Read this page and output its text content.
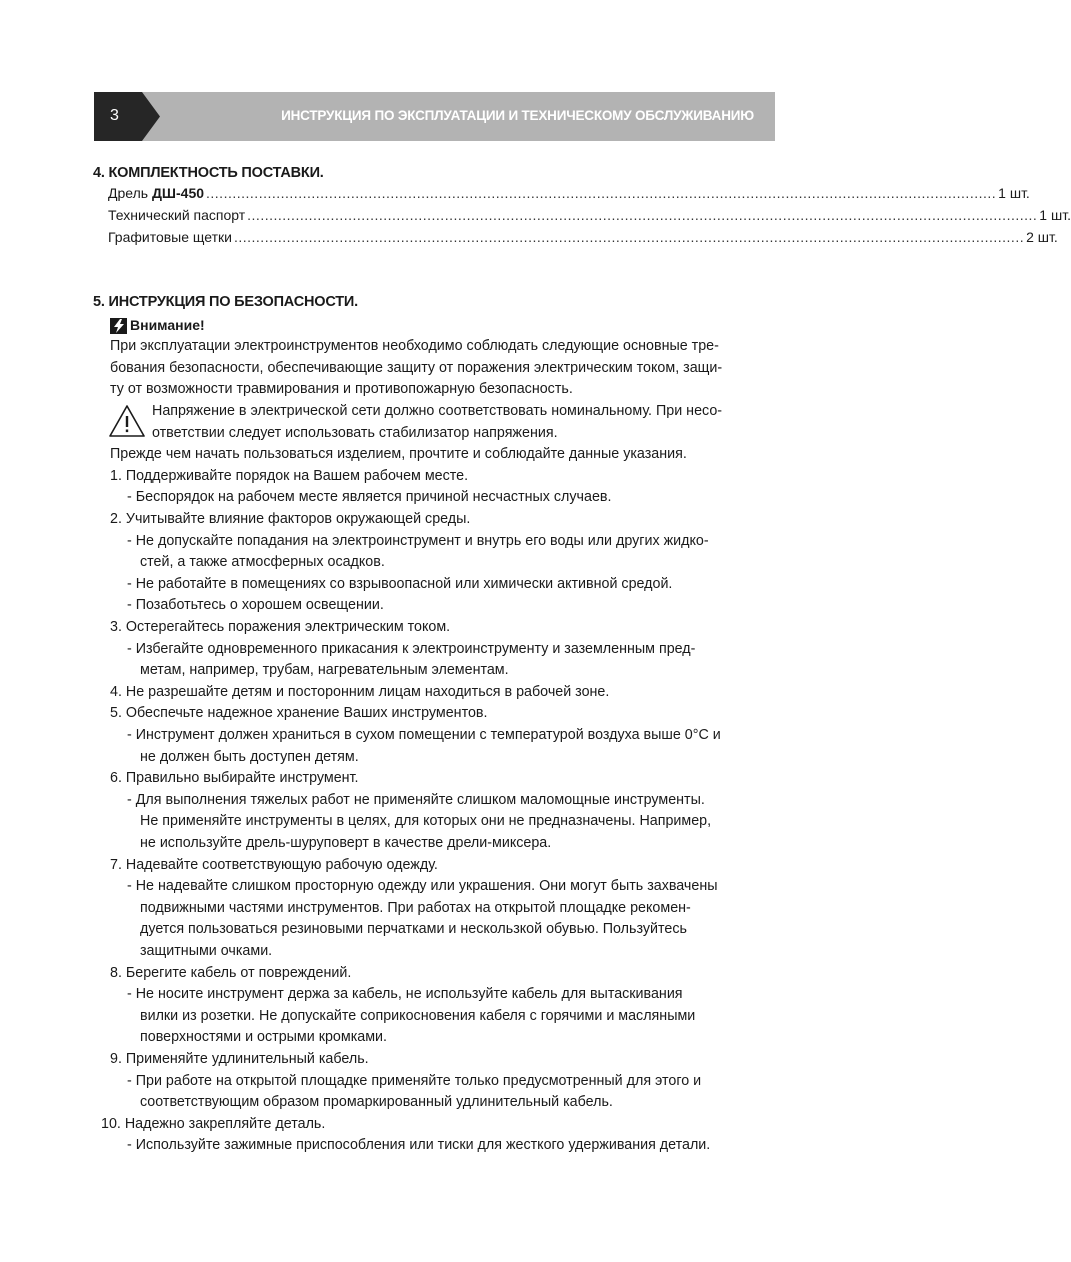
3	ИНСТРУКЦИЯ ПО ЭКСПЛУАТАЦИИ И ТЕХНИЧЕСКОМУ ОБСЛУЖИВАНИЮ
4. КОМПЛЕКТНОСТЬ ПОСТАВКИ.
Дрель ДШ-450 .................................................................................................................................................................................... 1 шт.
Технический паспорт .................................................................................................................................................................................... 1 шт.
Графитовые щетки .................................................................................................................................................................................... 2 шт.
5. ИНСТРУКЦИЯ ПО БЕЗОПАСНОСТИ.
Внимание!
При эксплуатации электроинструментов необходимо соблюдать следующие основные тре-
бования безопасности, обеспечивающие защиту от поражения электрическим током, защи-
ту от возможности травмирования и противопожарную безопасность.
Напряжение в электрической сети должно соответствовать номинальному. При несо-
ответствии следует использовать стабилизатор напряжения.
Прежде чем начать пользоваться изделием, прочтите и соблюдайте данные указания.
1. Поддерживайте порядок на Вашем рабочем месте.
- Беспорядок на рабочем месте является причиной несчастных случаев.
2. Учитывайте влияние факторов окружающей среды.
- Не допускайте попадания на электроинструмент и внутрь его воды или других жидко-
стей, а также атмосферных осадков.
- Не работайте в помещениях со взрывоопасной или химически активной средой.
- Позаботьтесь о хорошем освещении.
3. Остерегайтесь поражения электрическим током.
- Избегайте одновременного прикасания к электроинструменту и заземленным пред-
метам, например, трубам, нагревательным элементам.
4. Не разрешайте детям и посторонним лицам находиться в рабочей зоне.
5. Обеспечьте надежное хранение Ваших инструментов.
- Инструмент должен храниться в сухом помещении с температурой воздуха выше 0°C и
не должен быть доступен детям.
6. Правильно выбирайте инструмент.
- Для выполнения тяжелых работ не применяйте слишком маломощные инструменты.
Не применяйте инструменты в целях, для которых они не предназначены. Например,
не используйте дрель-шуруповерт в качестве дрели-миксера.
7. Надевайте соответствующую рабочую одежду.
- Не надевайте слишком просторную одежду или украшения. Они могут быть захвачены
подвижными частями инструментов. При работах на открытой площадке рекомен-
дуется пользоваться резиновыми перчатками и нескользкой обувью. Пользуйтесь
защитными очками.
8. Берегите кабель от повреждений.
- Не носите инструмент держа за кабель, не используйте кабель для вытаскивания
вилки из розетки. Не допускайте соприкосновения кабеля с горячими и масляными
поверхностями и острыми кромками.
9. Применяйте удлинительный кабель.
- При работе на открытой площадке применяйте только предусмотренный для этого и
соответствующим образом промаркированный удлинительный кабель.
10. Надежно закрепляйте деталь.
- Используйте зажимные приспособления или тиски для жесткого удерживания детали.
